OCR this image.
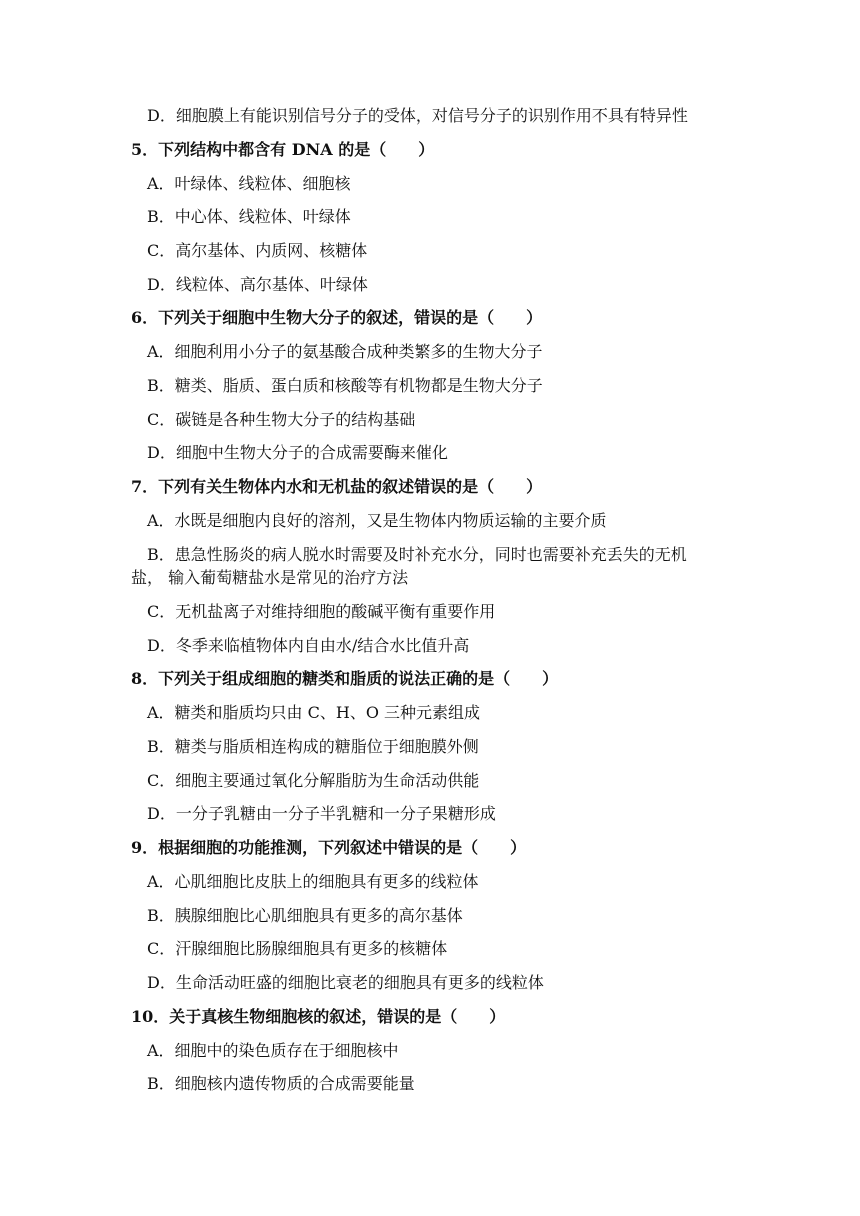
D．细胞膜上有能识别信号分子的受体，对信号分子的识别作用不具有特异性
5．下列结构中都含有 DNA 的是（　　）
A．叶绿体、线粒体、细胞核
B．中心体、线粒体、叶绿体
C．高尔基体、内质网、核糖体
D．线粒体、高尔基体、叶绿体
6．下列关于细胞中生物大分子的叙述，错误的是（　　）
A．细胞利用小分子的氨基酸合成种类繁多的生物大分子
B．糖类、脂质、蛋白质和核酸等有机物都是生物大分子
C．碳链是各种生物大分子的结构基础
D．细胞中生物大分子的合成需要酶来催化
7．下列有关生物体内水和无机盐的叙述错误的是（　　）
A．水既是细胞内良好的溶剂，又是生物体内物质运输的主要介质
B．患急性肠炎的病人脱水时需要及时补充水分，同时也需要补充丢失的无机
盐， 输入葡萄糖盐水是常见的治疗方法
C．无机盐离子对维持细胞的酸碱平衡有重要作用
D．冬季来临植物体内自由水/结合水比值升高
8．下列关于组成细胞的糖类和脂质的说法正确的是（　　）
A．糖类和脂质均只由 C、H、O 三种元素组成
B．糖类与脂质相连构成的糖脂位于细胞膜外侧
C．细胞主要通过氧化分解脂肪为生命活动供能
D．一分子乳糖由一分子半乳糖和一分子果糖形成
9．根据细胞的功能推测，下列叙述中错误的是（　　）
A．心肌细胞比皮肤上的细胞具有更多的线粒体
B．胰腺细胞比心肌细胞具有更多的高尔基体
C．汗腺细胞比肠腺细胞具有更多的核糖体
D．生命活动旺盛的细胞比衰老的细胞具有更多的线粒体
10．关于真核生物细胞核的叙述，错误的是（　　）
A．细胞中的染色质存在于细胞核中
B．细胞核内遗传物质的合成需要能量
